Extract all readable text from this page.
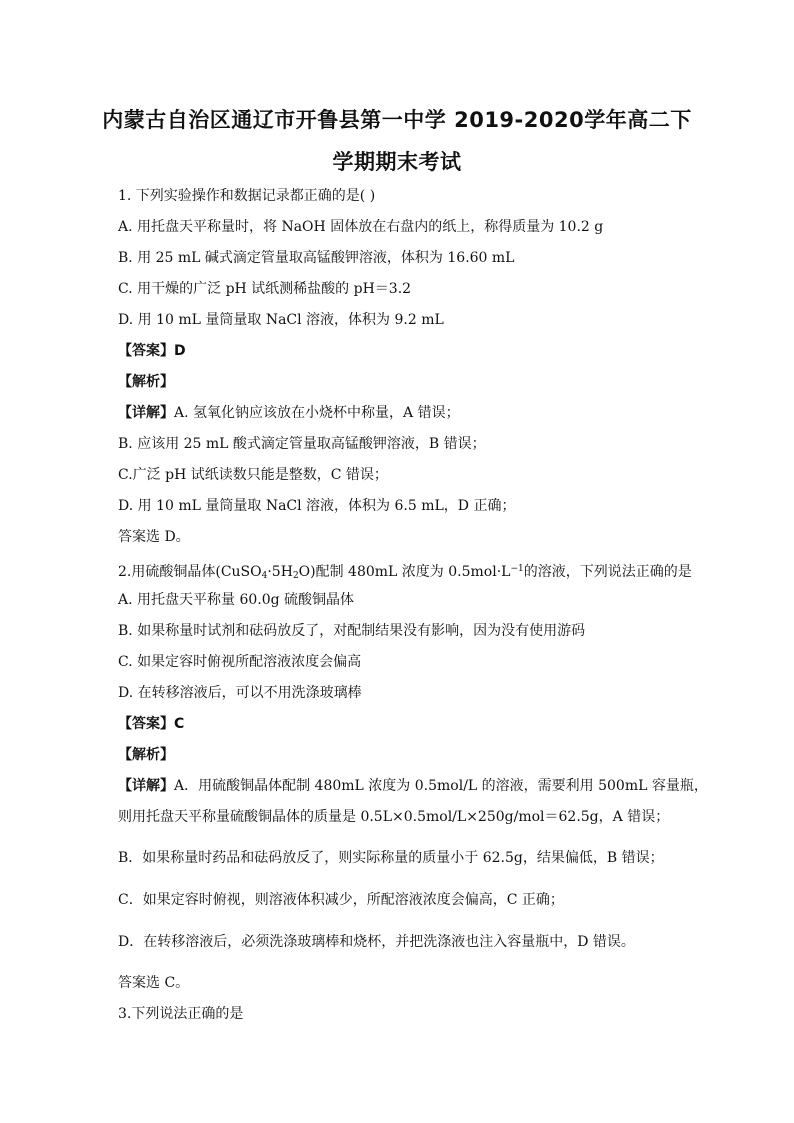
内蒙古自治区通辽市开鲁县第一中学 2019-2020学年高二下
学期期末考试
1. 下列实验操作和数据记录都正确的是( )
A. 用托盘天平称量时，将 NaOH 固体放在右盘内的纸上，称得质量为 10.2 g
B. 用 25 mL 碱式滴定管量取高锰酸钾溶液，体积为 16.60 mL
C. 用干燥的广泛 pH 试纸测稀盐酸的 pH＝3.2
D. 用 10 mL 量筒量取 NaCl 溶液，体积为 9.2 mL
【答案】D
【解析】
【详解】A. 氢氧化钠应该放在小烧杯中称量，A 错误；
B. 应该用 25 mL 酸式滴定管量取高锰酸钾溶液，B 错误；
C.广泛 pH 试纸读数只能是整数，C 错误；
D. 用 10 mL 量筒量取 NaCl 溶液，体积为 6.5 mL，D 正确；
答案选 D。
2.用硫酸铜晶体$(CuSO_4\cdot 5H_2O)$配制 480mL 浓度为 $0.5mol\cdot L^{-1}$的溶液，下列说法正确的是
A. 用托盘天平称量 60.0g 硫酸铜晶体
B. 如果称量时试剂和砝码放反了，对配制结果没有影响，因为没有使用游码
C. 如果定容时俯视所配溶液浓度会偏高
D. 在转移溶液后，可以不用洗涤玻璃棒
【答案】C
【解析】
【详解】A．用硫酸铜晶体配制 480mL 浓度为 0.5mol/L 的溶液，需要利用 500mL 容量瓶，
则用托盘天平称量硫酸铜晶体的质量是 0.5L×0.5mol/L×250g/mol＝62.5g，A 错误；
B．如果称量时药品和砝码放反了，则实际称量的质量小于 62.5g，结果偏低，B 错误；
C．如果定容时俯视，则溶液体积减少，所配溶液浓度会偏高，C 正确；
D．在转移溶液后，必须洗涤玻璃棒和烧杯，并把洗涤液也注入容量瓶中，D 错误。
答案选 C。
3.下列说法正确的是
